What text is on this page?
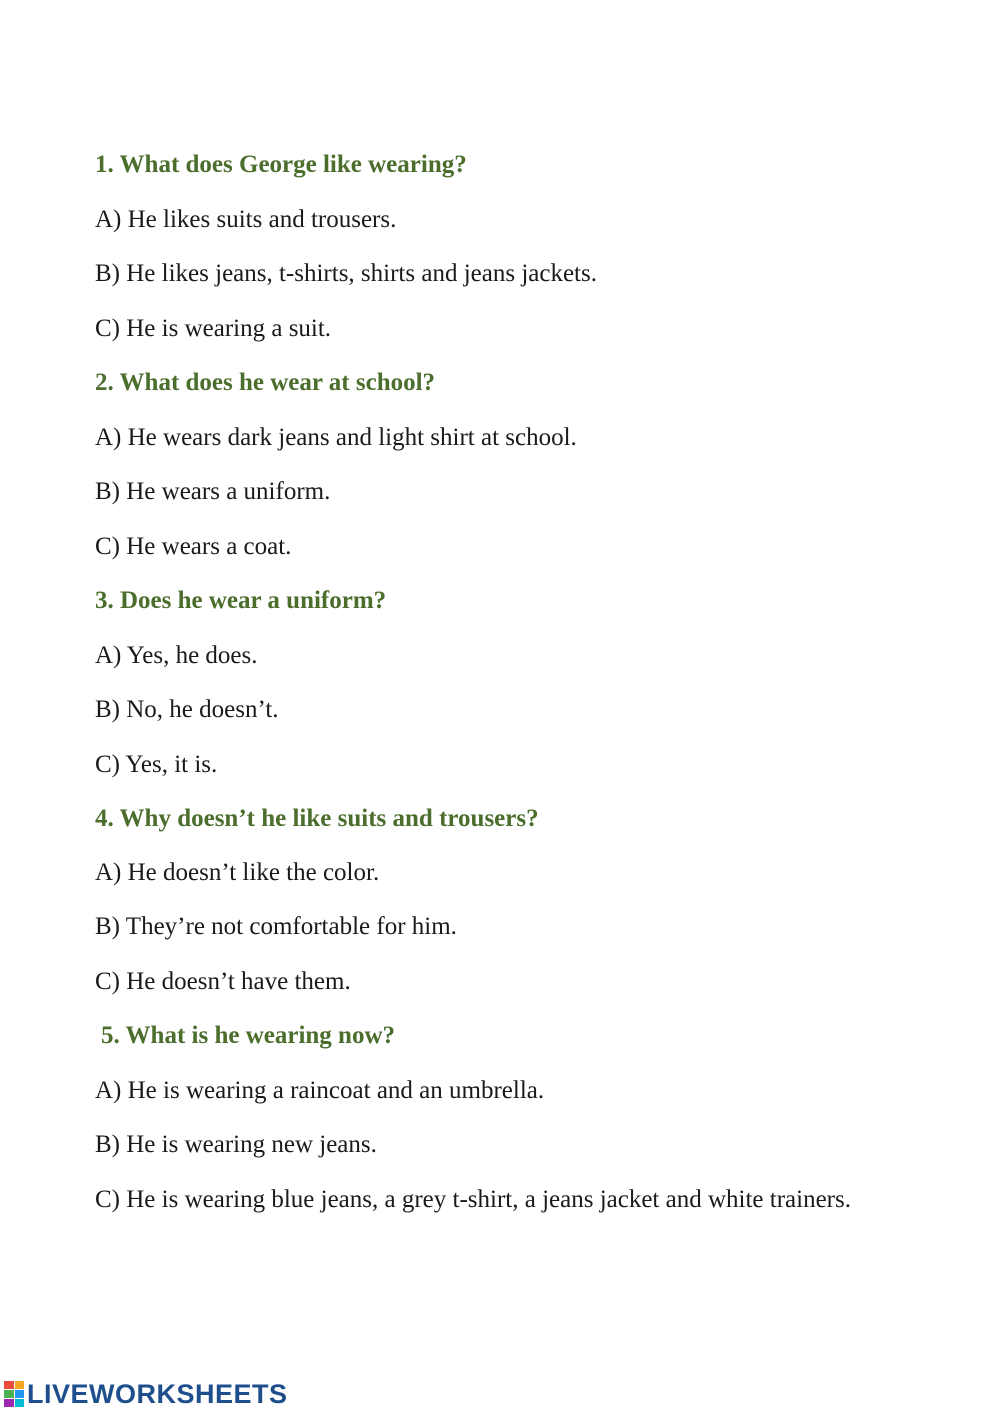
1. What does George like wearing?
A) He likes suits and trousers.
B) He likes jeans, t-shirts, shirts and jeans jackets.
C) He is wearing a suit.
2. What does he wear at school?
A) He wears dark jeans and light shirt at school.
B) He wears a uniform.
C) He wears a coat.
3. Does he wear a uniform?
A) Yes, he does.
B) No, he doesn’t.
C) Yes, it is.
4. Why doesn’t he like suits and trousers?
A) He doesn’t like the color.
B) They’re not comfortable for him.
C) He doesn’t have them.
5. What is he wearing now?
A) He is wearing a raincoat and an umbrella.
B) He is wearing new jeans.
C) He is wearing blue jeans, a grey t-shirt, a jeans jacket and white trainers.
LIVEWORKSHEETS
